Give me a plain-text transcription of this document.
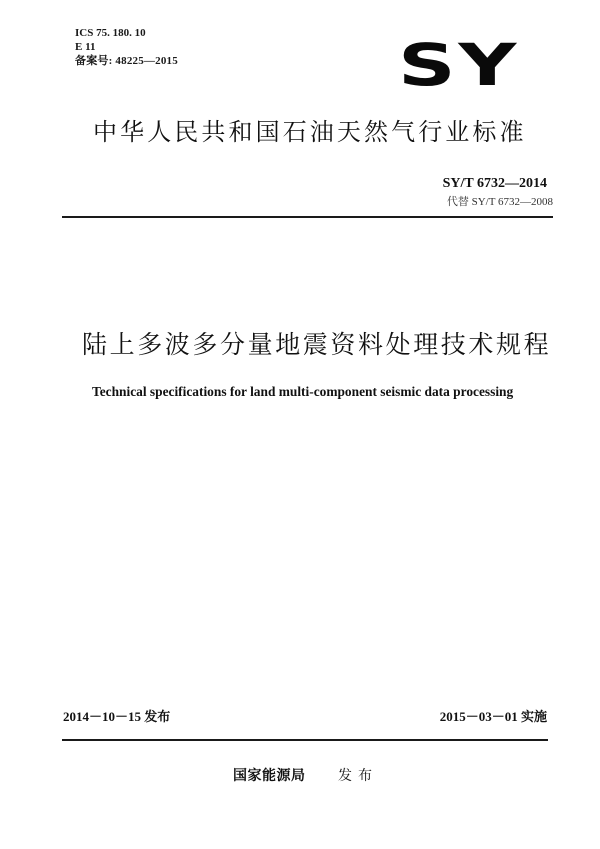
ICS 75. 180. 10
E 11
备案号: 48225—2015	SY
中华人民共和国石油天然气行业标准
SY/T 6732—2014
代替 SY/T 6732—2008
陆上多波多分量地震资料处理技术规程
Technical specifications for land multi-component seismic data processing
2014－10－15 发布	2015－03－01 实施
国家能源局 发布
